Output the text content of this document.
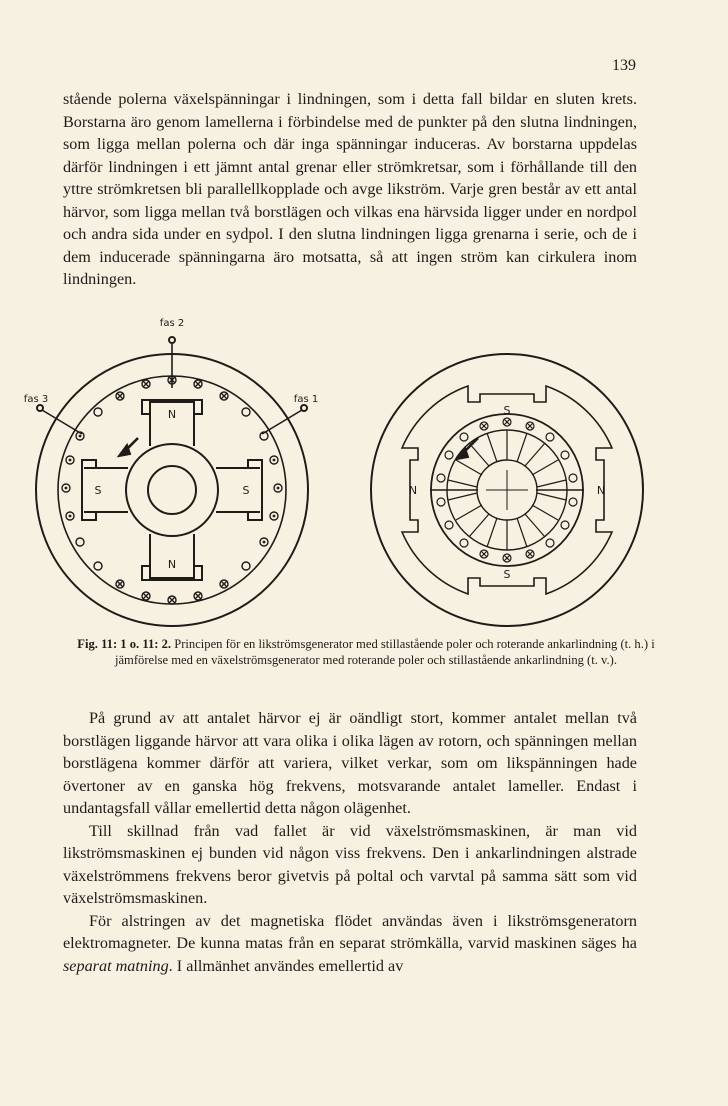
139

stående polerna växelspänningar i lindningen, som i detta fall bildar en sluten krets. Borstarna äro genom lamellerna i förbindelse med de punkter på den slutna lindningen, som ligga mellan polerna och där inga spänningar induceras. Av borstarna uppdelas därför lindningen i ett jämnt antal grenar eller strömkretsar, som i förhållande till den yttre strömkretsen bli parallellkopplade och avge likström. Varje gren består av ett antal härvor, som ligga mellan två borstlägen och vilkas ena härvsida ligger under en nordpol och andra sida under en sydpol. I den slutna lindningen ligga grenarna i serie, och de i dem inducerade spänningarna äro motsatta, så att ingen ström kan cirkulera inom lindningen.

fas 2
fas 3	fas 1
N
N
S	S
S
S
N	N
Fig. 11: 1 o. 11: 2. Principen för en likströmsgenerator med stillastående poler och roterande ankarlindning (t. h.) i jämförelse med en växelströmsgenerator med roterande poler och stillastående ankarlindning (t. v.).

På grund av att antalet härvor ej är oändligt stort, kommer antalet mellan två borstlägen liggande härvor att vara olika i olika lägen av rotorn, och spänningen mellan borstlägena kommer därför att variera, vilket verkar, som om likspänningen hade övertoner av en ganska hög frekvens, motsvarande antalet lameller. Endast i undantagsfall vållar emellertid detta någon olägenhet.

Till skillnad från vad fallet är vid växelströmsmaskinen, är man vid likströmsmaskinen ej bunden vid någon viss frekvens. Den i ankarlindningen alstrade växelströmmens frekvens beror givetvis på poltal och varvtal på samma sätt som vid växelströmsmaskinen.

För alstringen av det magnetiska flödet användas även i likströmsgeneratorn elektromagneter. De kunna matas från en separat strömkälla, varvid maskinen säges ha separat matning. I allmänhet användes emellertid av
